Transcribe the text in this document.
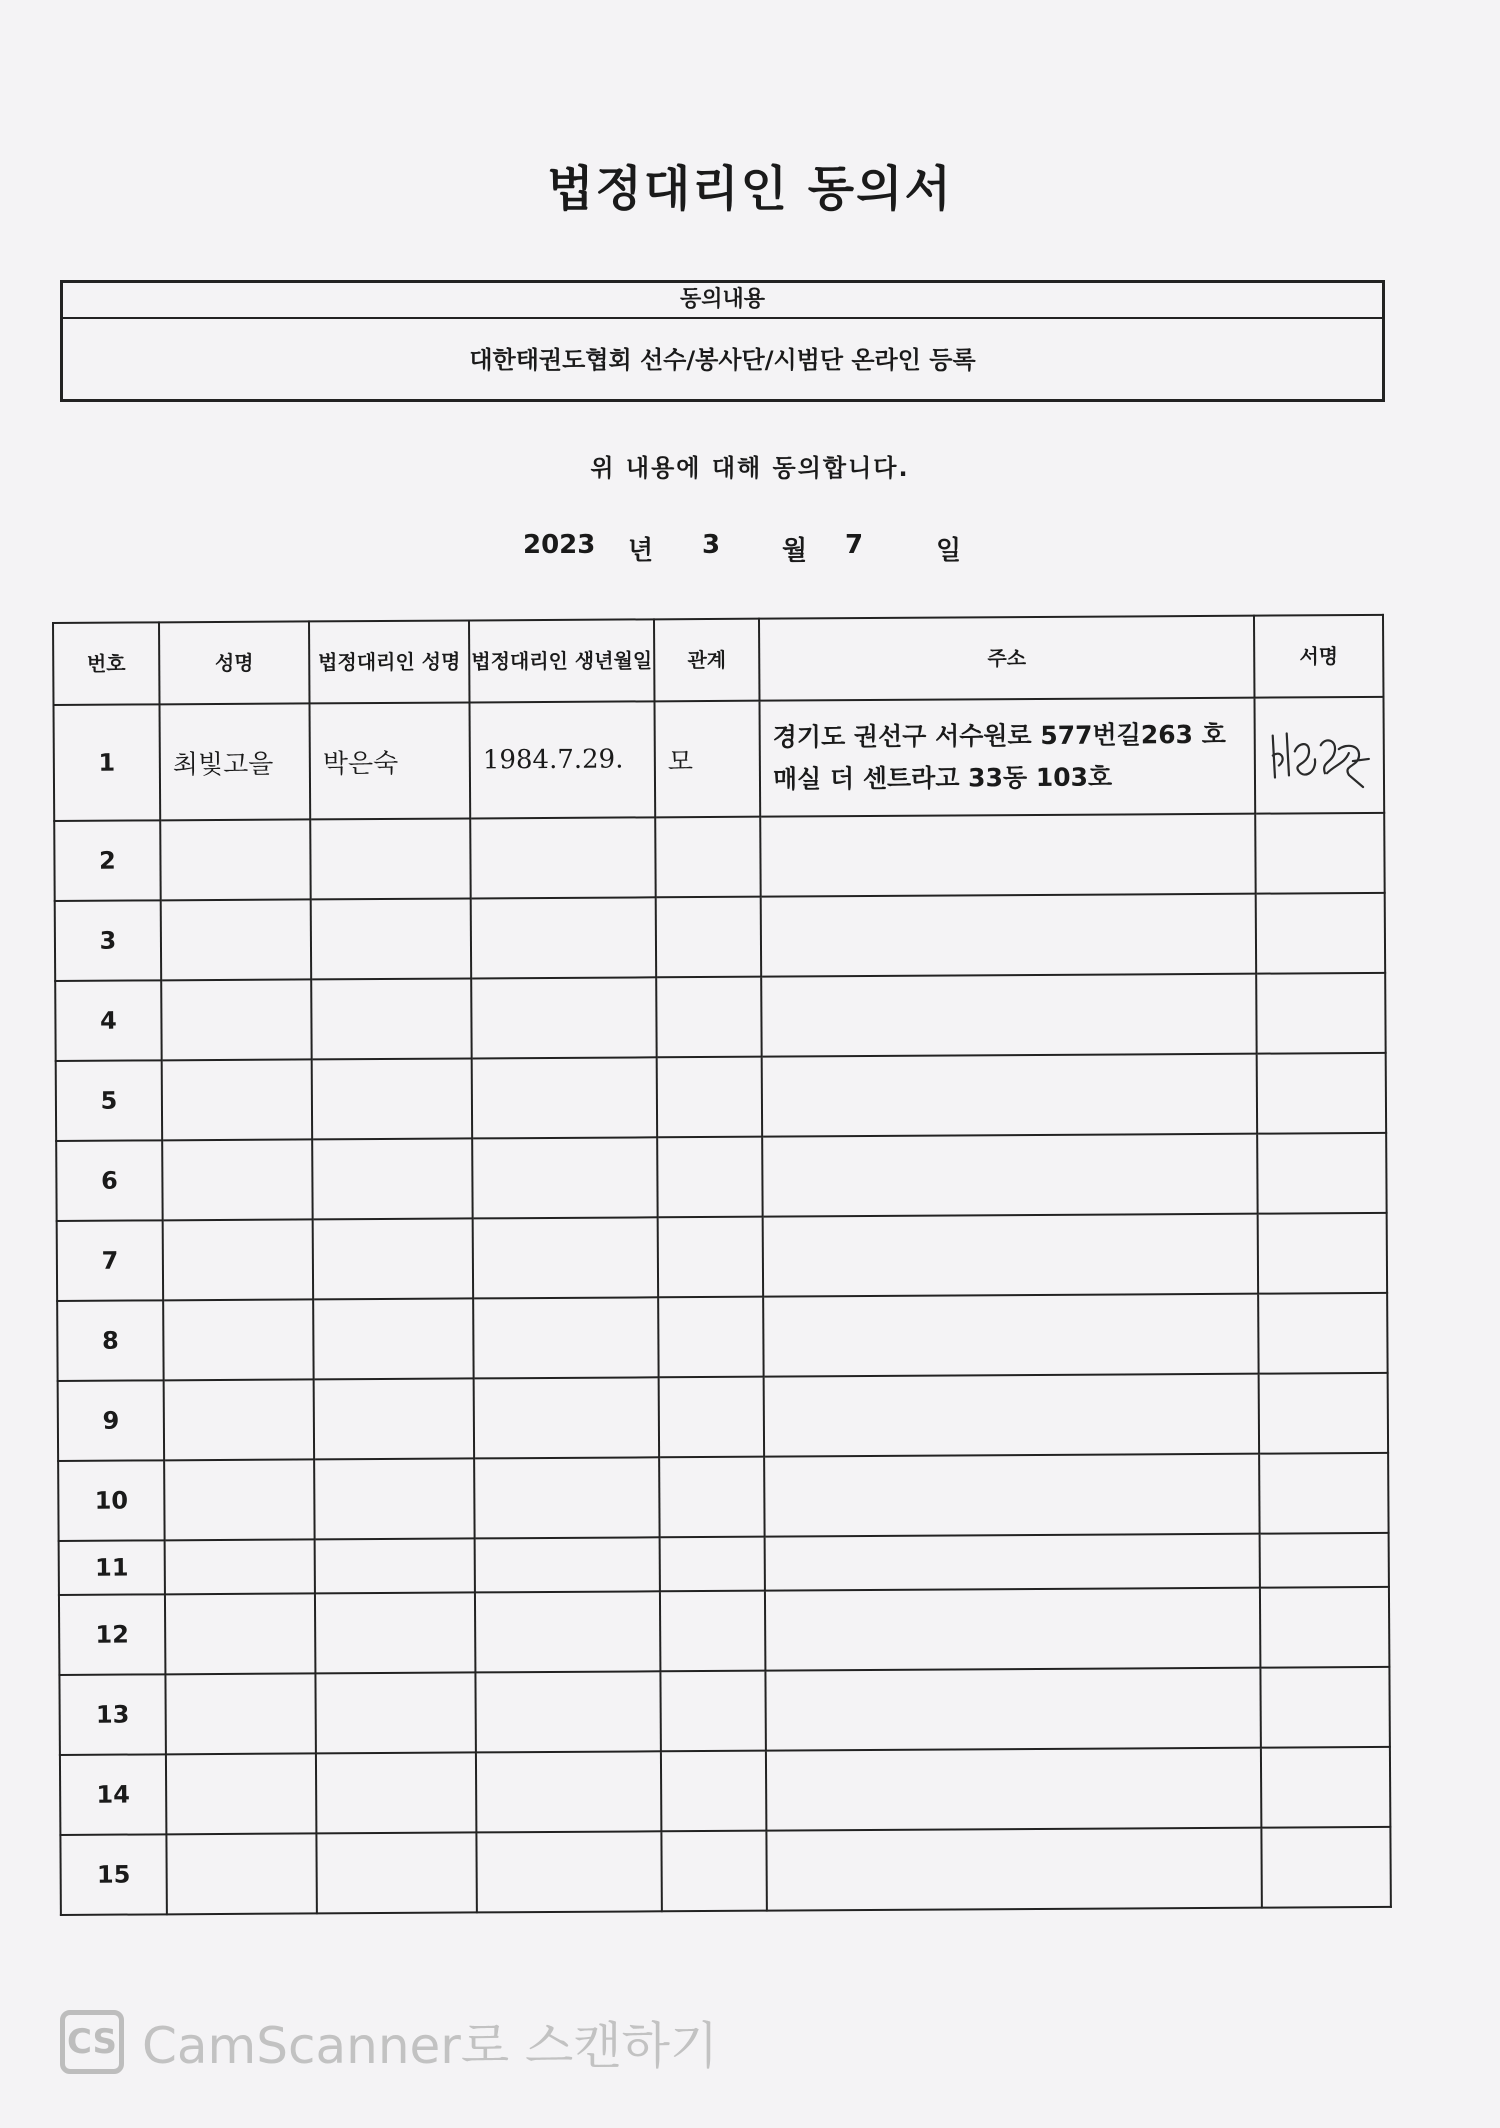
법정대리인 동의서
동의내용
대한태권도협회 선수/봉사단/시범단 온라인 등록
위 내용에 대해 동의합니다.
2023 년 3 월 7	일
번호	성명	법정대리인 성명	법정대리인 생년월일	관계	주소	서명
1	최빛고을	박은숙	1984.7.29.	모	경기도 권선구 서수원로 577번길263 호
매실 더 센트라고 33동 103호

2						
3						
4						
5						
6						
7						
8						
9						
10						
11						
12						
13						
14						
15						
CS CamScanner로 스캔하기
